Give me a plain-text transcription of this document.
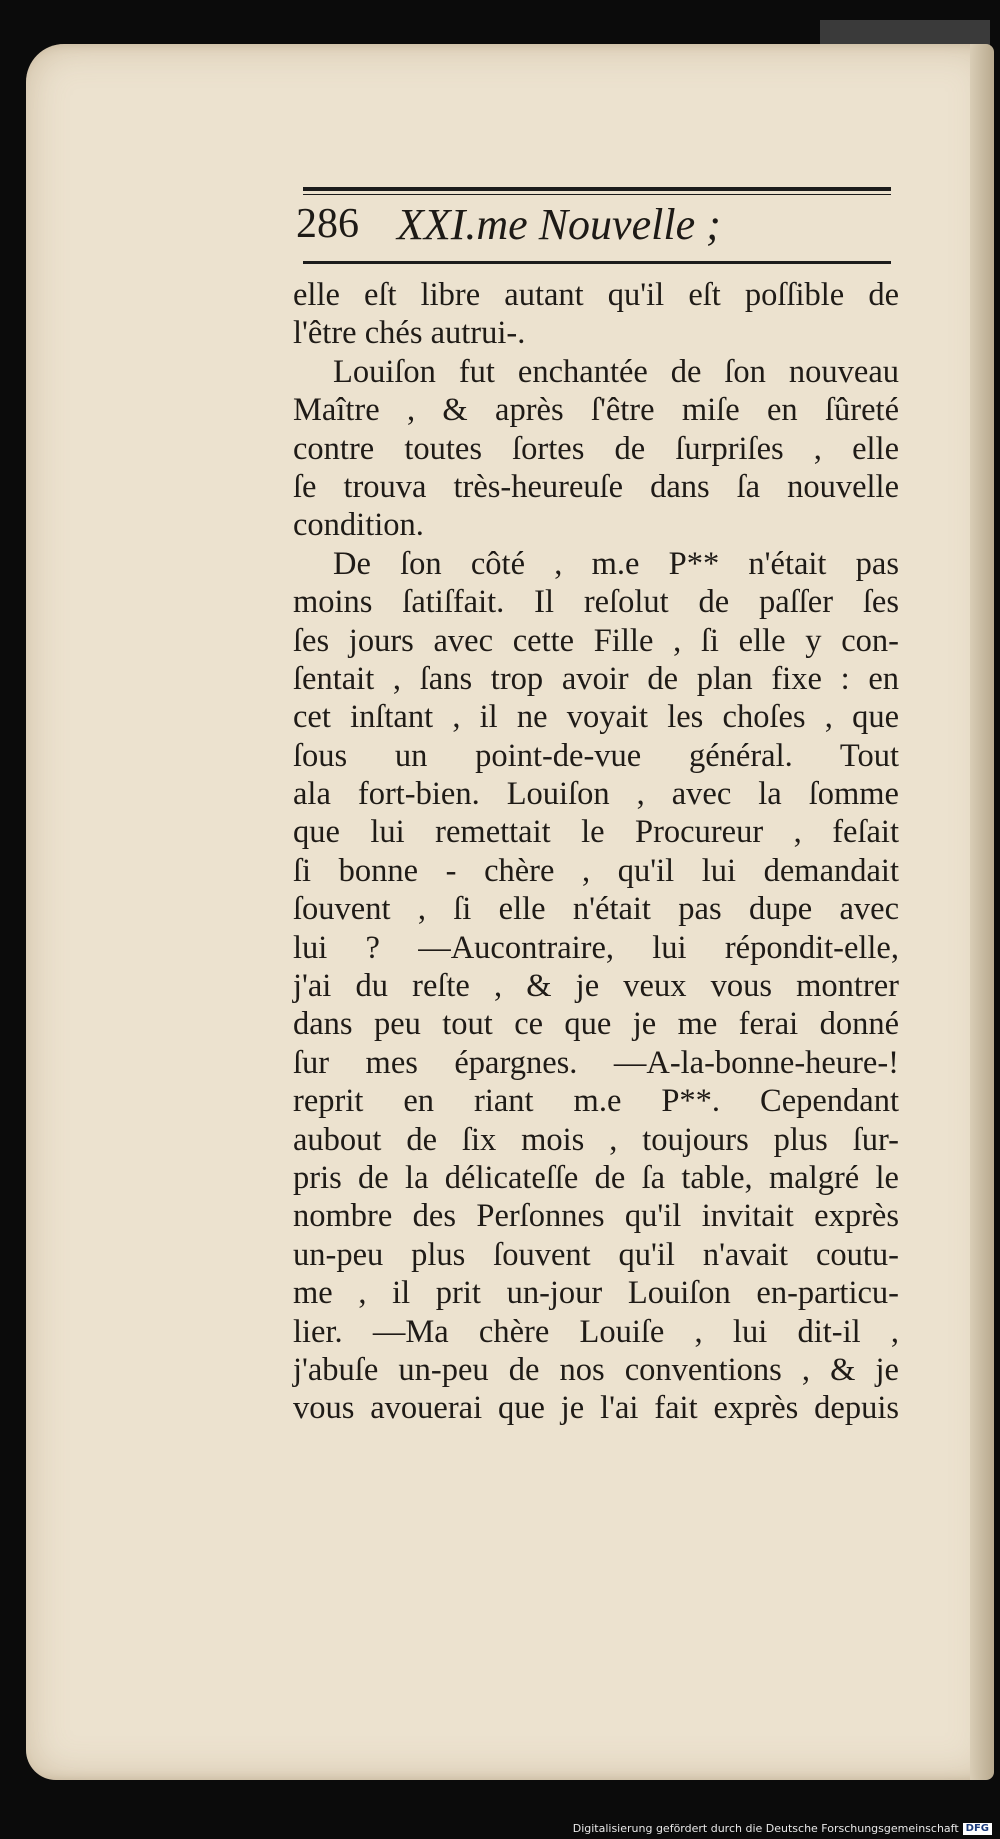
286 XXI.me Nouvelle ;
elle eſt libre autant qu'il eſt poſſible de
l'être chés autrui-.
Louiſon fut enchantée de ſon nouveau
Maître , & après ſ'être miſe en ſûreté
contre toutes ſortes de ſurpriſes , elle
ſe trouva très-heureuſe dans ſa nouvelle
condition.
De ſon côté , m.e P** n'était pas
moins ſatiſfait. Il reſolut de paſſer ſes
ſes jours avec cette Fille , ſi elle y con-
ſentait , ſans trop avoir de plan fixe : en
cet inſtant , il ne voyait les choſes , que
ſous un point-de-vue général. Tout
ala fort-bien. Louiſon , avec la ſomme
que lui remettait le Procureur , feſait
ſi bonne - chère , qu'il lui demandait
ſouvent , ſi elle n'était pas dupe avec
lui ? —Aucontraire, lui répondit-elle,
j'ai du reſte , & je veux vous montrer
dans peu tout ce que je me ferai donné
ſur mes épargnes. —A-la-bonne-heure-!
reprit en riant m.e P**. Cependant
aubout de ſix mois , toujours plus ſur-
pris de la délicateſſe de ſa table, malgré le
nombre des Perſonnes qu'il invitait exprès
un-peu plus ſouvent qu'il n'avait coutu-
me , il prit un-jour Louiſon en-particu-
lier. —Ma chère Louiſe , lui dit-il ,
j'abuſe un-peu de nos conventions , & je
vous avouerai que je l'ai fait exprès depuis
Digitalisierung gefördert durch die Deutsche Forschungsgemeinschaft DFG
